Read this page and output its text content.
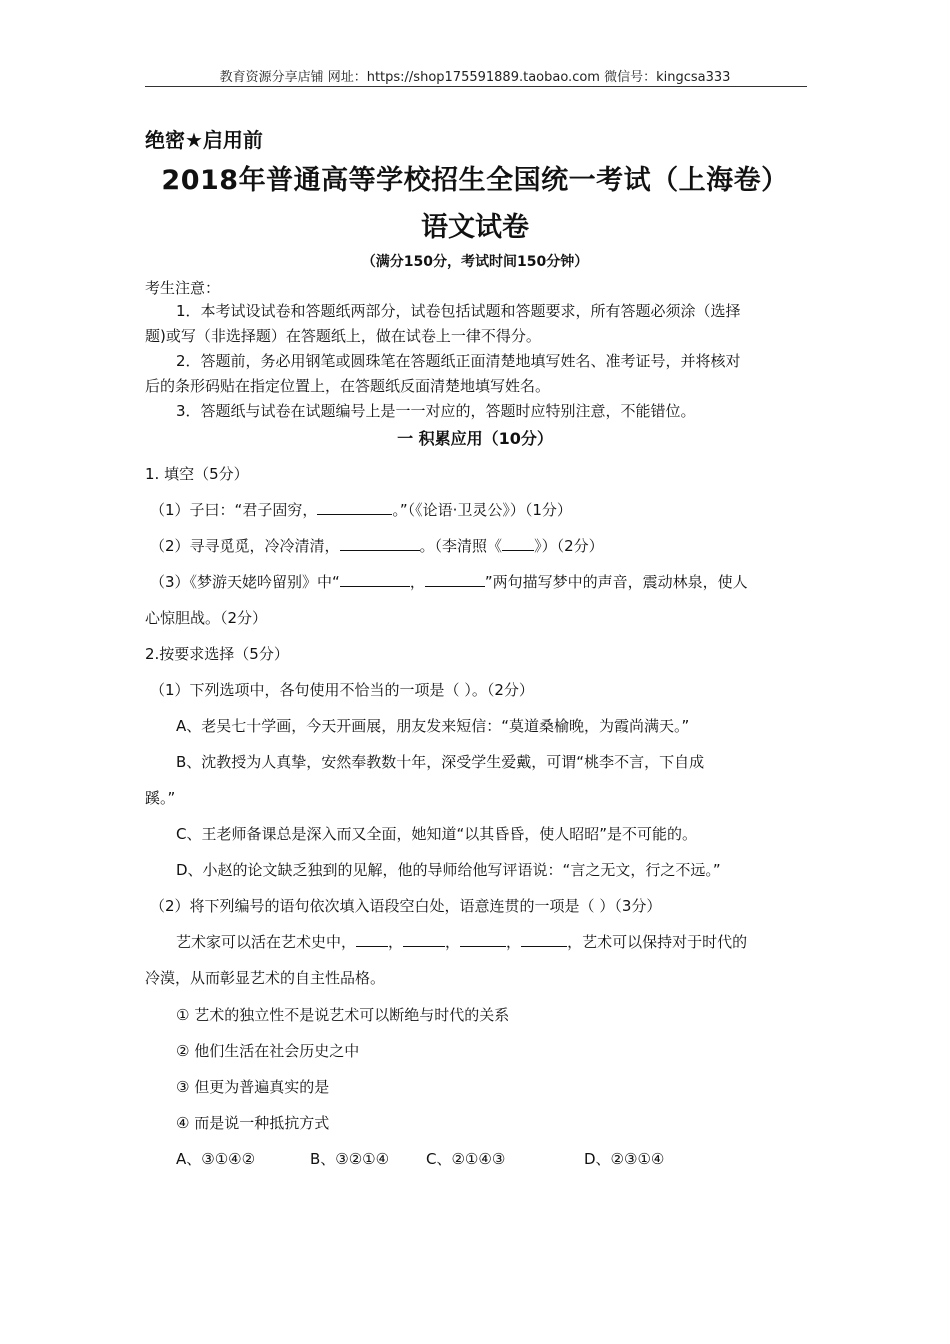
教育资源分享店铺 网址：https://shop175591889.taobao.com 微信号：kingcsa333
绝密★启用前
2018年普通高等学校招生全国统一考试（上海卷）
语文试卷
（满分150分，考试时间150分钟）
考生注意：
1．本考试设试卷和答题纸两部分，试卷包括试题和答题要求，所有答题必须涂（选择
题)或写（非选择题）在答题纸上，做在试卷上一律不得分。
2．答题前，务必用钢笔或圆珠笔在答题纸正面清楚地填写姓名、准考证号，并将核对
后的条形码贴在指定位置上，在答题纸反面清楚地填写姓名。
3．答题纸与试卷在试题编号上是一一对应的，答题时应特别注意，不能错位。
一 积累应用（10分）
1. 填空（5分）
（1）子曰：“君子固穷，	。”（《论语·卫灵公》）（1分）
（2）寻寻觅觅，冷冷清清，	。（李清照《 》）（2分）
（3）《梦游天姥吟留别》中“	，	”两句描写梦中的声音，震动林泉，使人
心惊胆战。（2分）
2.按要求选择（5分）
（1）下列选项中，各句使用不恰当的一项是（ ）。（2分）
A、老吴七十学画，今天开画展，朋友发来短信：“莫道桑榆晚，为霞尚满天。”
B、沈教授为人真挚，安然奉教数十年，深受学生爱戴，可谓“桃李不言，下自成
蹊。”
C、王老师备课总是深入而又全面，她知道“以其昏昏，使人昭昭”是不可能的。
D、小赵的论文缺乏独到的见解，他的导师给他写评语说：“言之无文，行之不远。”
（2）将下列编号的语句依次填入语段空白处，语意连贯的一项是（ ）（3分）
艺术家可以活在艺术史中， ，	，	，	，艺术可以保持对于时代的
冷漠，从而彰显艺术的自主性品格。
① 艺术的独立性不是说艺术可以断绝与时代的关系
② 他们生活在社会历史之中
③ 但更为普遍真实的是
④ 而是说一种抵抗方式
A、③①④②	B、③②①④ C、②①④③	D、②③①④
